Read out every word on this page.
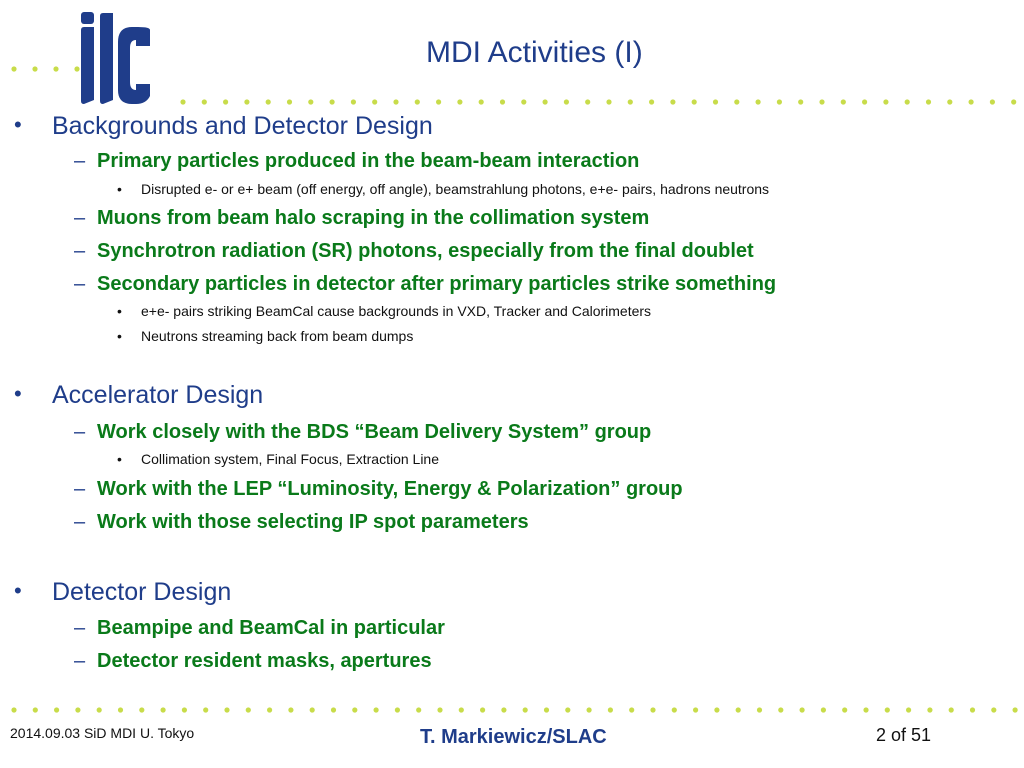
MDI Activities (I)
• Backgrounds and Detector Design
– Primary particles produced in the beam-beam interaction
• Disrupted e- or e+ beam (off energy, off angle), beamstrahlung photons, e+e- pairs, hadrons neutrons
– Muons from beam halo scraping in the collimation system
– Synchrotron radiation (SR) photons, especially from the final doublet
– Secondary particles in detector after primary particles strike something
• e+e- pairs striking BeamCal cause backgrounds in VXD, Tracker and Calorimeters
• Neutrons streaming back from beam dumps
• Accelerator Design
– Work closely with the BDS “Beam Delivery System” group
• Collimation system, Final Focus, Extraction Line
– Work with the LEP “Luminosity, Energy & Polarization” group
– Work with those selecting IP spot parameters
• Detector Design
– Beampipe and BeamCal in particular
– Detector resident masks, apertures
2014.09.03 SiD MDI U. Tokyo	T. Markiewicz/SLAC	2 of 51
